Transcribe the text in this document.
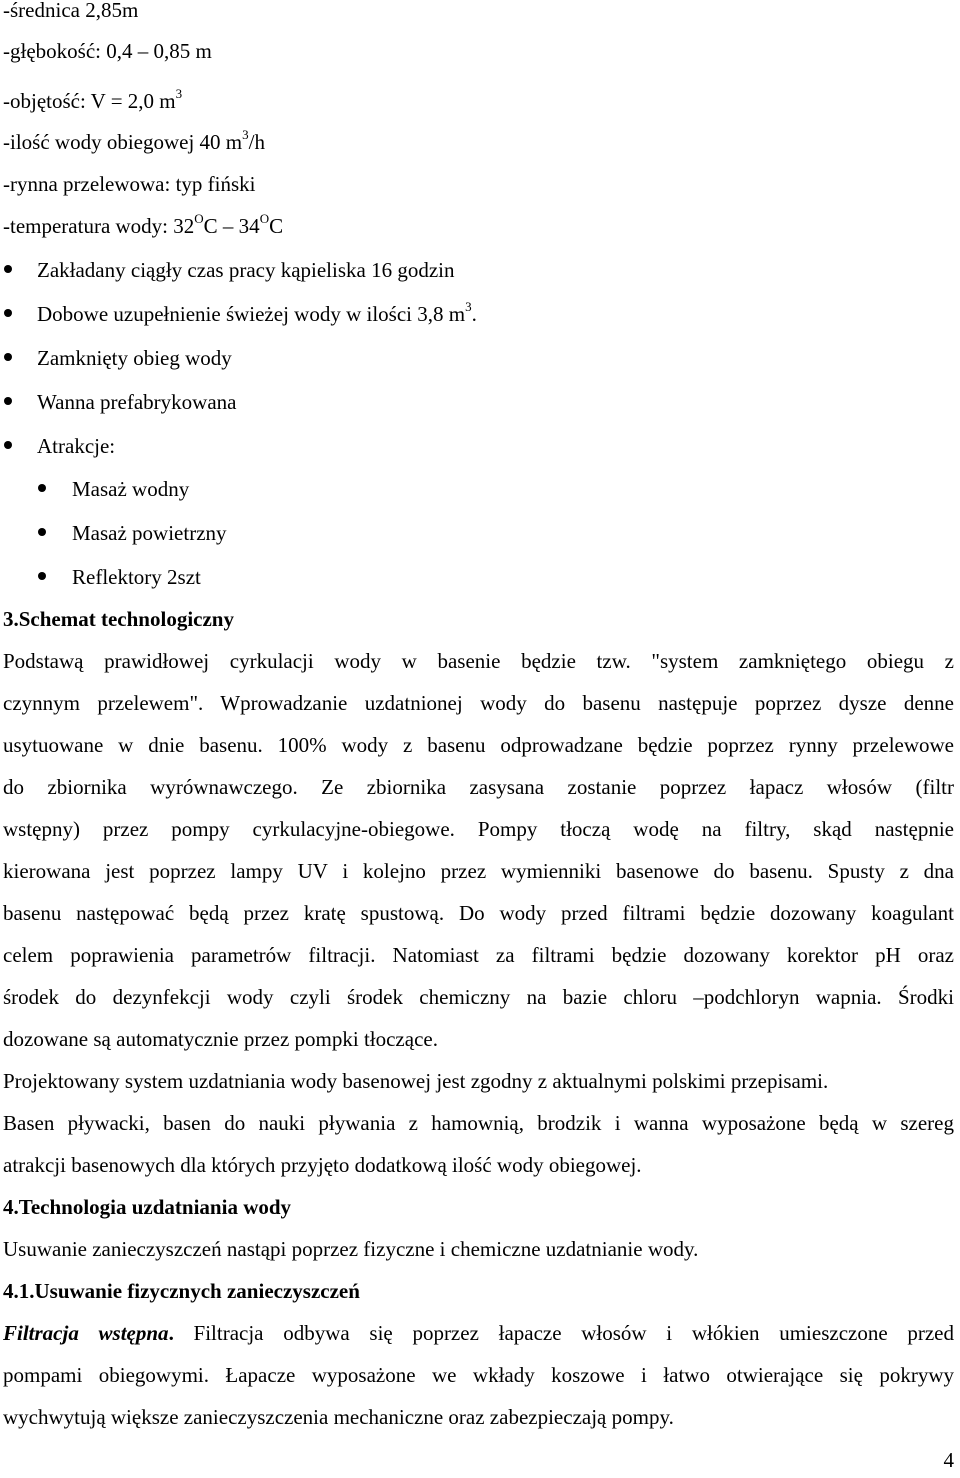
-średnica 2,85m
-głębokość: 0,4 – 0,85 m
-objętość: V = 2,0 $m^3$
-ilość wody obiegowej 40 $m^3/h$
-rynna przelewowa: typ fiński
-temperatura wody: $32^OC - 34^OC$
Zakładany ciągły czas pracy kąpieliska 16 godzin
Dobowe uzupełnienie świeżej wody w ilości 3,8 $m^3$.
Zamknięty obieg wody
Wanna prefabrykowana
Atrakcje:
Masaż wodny
Masaż powietrzny
Reflektory 2szt
3.Schemat technologiczny
Podstawą prawidłowej cyrkulacji wody w basenie będzie tzw. "system zamkniętego obiegu z
czynnym przelewem". Wprowadzanie uzdatnionej wody do basenu następuje poprzez dysze denne
usytuowane w dnie basenu. 100% wody z basenu odprowadzane będzie poprzez rynny przelewowe
do zbiornika wyrównawczego. Ze zbiornika zasysana zostanie poprzez łapacz włosów (filtr
wstępny) przez pompy cyrkulacyjne-obiegowe. Pompy tłoczą wodę na filtry, skąd następnie
kierowana jest poprzez lampy UV i kolejno przez wymienniki basenowe do basenu. Spusty z dna
basenu następować będą przez kratę spustową. Do wody przed filtrami będzie dozowany koagulant
celem poprawienia parametrów filtracji. Natomiast za filtrami będzie dozowany korektor pH oraz
środek do dezynfekcji wody czyli środek chemiczny na bazie chloru –podchloryn wapnia. Środki
dozowane są automatycznie przez pompki tłoczące.
Projektowany system uzdatniania wody basenowej jest zgodny z aktualnymi polskimi przepisami.
Basen pływacki, basen do nauki pływania z hamownią, brodzik i wanna wyposażone będą w szereg
atrakcji basenowych dla których przyjęto dodatkową ilość wody obiegowej.
4.Technologia uzdatniania wody
Usuwanie zanieczyszczeń nastąpi poprzez fizyczne i chemiczne uzdatnianie wody.
4.1.Usuwanie fizycznych zanieczyszczeń
Filtracja wstępna. Filtracja odbywa się poprzez łapacze włosów i włókien umieszczone przed
pompami obiegowymi. Łapacze wyposażone we wkłady koszowe i łatwo otwierające się pokrywy
wychwytują większe zanieczyszczenia mechaniczne oraz zabezpieczają pompy.
4
